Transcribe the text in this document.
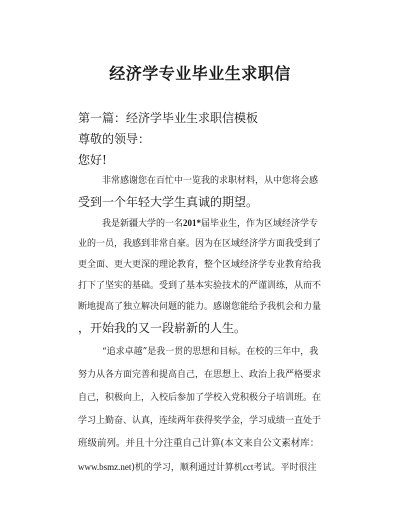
经济学专业毕业生求职信
第一篇：经济学毕业生求职信模板
尊敬的领导：
您好!
非常感谢您在百忙中一览我的求职材料，从中您将会感
受到一个年轻大学生真诚的期望。
我是新疆大学的一名201*届毕业生，作为区域经济学专
业的一员，我感到非常自豪。因为在区域经济学方面我受到了
更全面、更大更深的理论教育，整个区域经济学专业教育给我
打下了坚实的基础。受到了基本实验技术的严谨训练，从而不
断地提高了独立解决问题的能力。感谢您能给予我机会和力量
，开始我的又一段崭新的人生。
“追求卓越”是我一贯的思想和目标。在校的三年中，我
努力从各方面完善和提高自己，在思想上、政治上我严格要求
自己，积极向上，入校后参加了学校入党积极分子培训班。在
学习上勤奋、认真，连续两年获得奖学金，学习成绩一直处于
班级前列。并且十分注重自己计算(本文来自公文素材库：
www.bsmz.net)机的学习，顺利通过计算机cct考试。平时很注
